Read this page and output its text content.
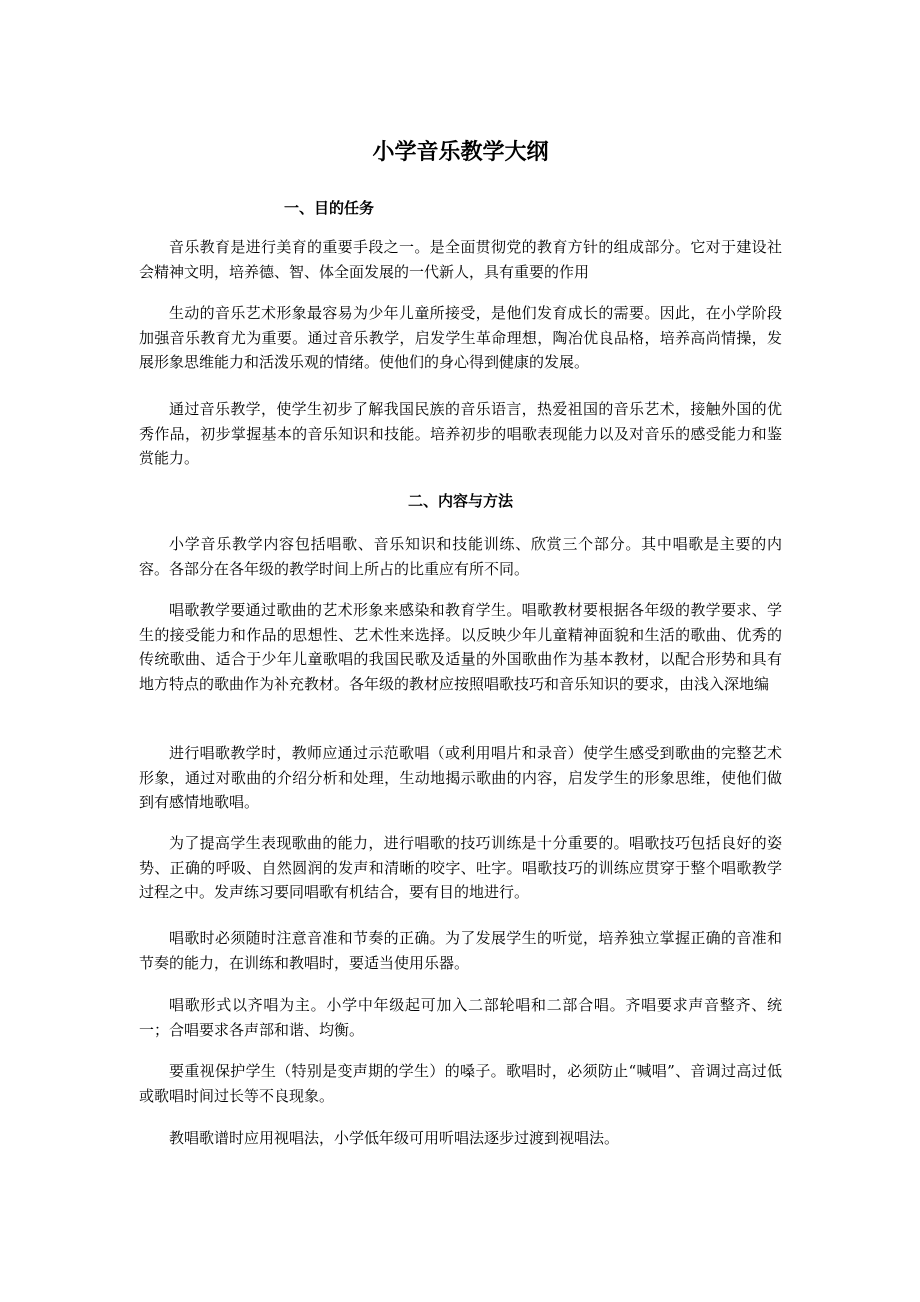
小学音乐教学大纲
一、目的任务

音乐教育是进行美育的重要手段之一。是全面贯彻党的教育方针的组成部分。它对于建设社会精神文明，培养德、智、体全面发展的一代新人，具有重要的作用

生动的音乐艺术形象最容易为少年儿童所接受，是他们发育成长的需要。因此，在小学阶段加强音乐教育尤为重要。通过音乐教学，启发学生革命理想，陶冶优良品格，培养高尚情操，发展形象思维能力和活泼乐观的情绪。使他们的身心得到健康的发展。

通过音乐教学，使学生初步了解我国民族的音乐语言，热爱祖国的音乐艺术，接触外国的优秀作品，初步掌握基本的音乐知识和技能。培养初步的唱歌表现能力以及对音乐的感受能力和鉴赏能力。

二、内容与方法

小学音乐教学内容包括唱歌、音乐知识和技能训练、欣赏三个部分。其中唱歌是主要的内容。各部分在各年级的教学时间上所占的比重应有所不同。

唱歌教学要通过歌曲的艺术形象来感染和教育学生。唱歌教材要根据各年级的教学要求、学生的接受能力和作品的思想性、艺术性来选择。以反映少年儿童精神面貌和生活的歌曲、优秀的传统歌曲、适合于少年儿童歌唱的我国民歌及适量的外国歌曲作为基本教材，以配合形势和具有地方特点的歌曲作为补充教材。各年级的教材应按照唱歌技巧和音乐知识的要求，由浅入深地编

进行唱歌教学时，教师应通过示范歌唱（或利用唱片和录音）使学生感受到歌曲的完整艺术形象，通过对歌曲的介绍分析和处理，生动地揭示歌曲的内容，启发学生的形象思维，使他们做到有感情地歌唱。

为了提高学生表现歌曲的能力，进行唱歌的技巧训练是十分重要的。唱歌技巧包括良好的姿势、正确的呼吸、自然圆润的发声和清晰的咬字、吐字。唱歌技巧的训练应贯穿于整个唱歌教学过程之中。发声练习要同唱歌有机结合，要有目的地进行。

唱歌时必须随时注意音准和节奏的正确。为了发展学生的听觉，培养独立掌握正确的音准和节奏的能力，在训练和教唱时，要适当使用乐器。

唱歌形式以齐唱为主。小学中年级起可加入二部轮唱和二部合唱。齐唱要求声音整齐、统一；合唱要求各声部和谐、均衡。

要重视保护学生（特别是变声期的学生）的嗓子。歌唱时，必须防止“喊唱”、音调过高过低或歌唱时间过长等不良现象。

教唱歌谱时应用视唱法，小学低年级可用听唱法逐步过渡到视唱法。
